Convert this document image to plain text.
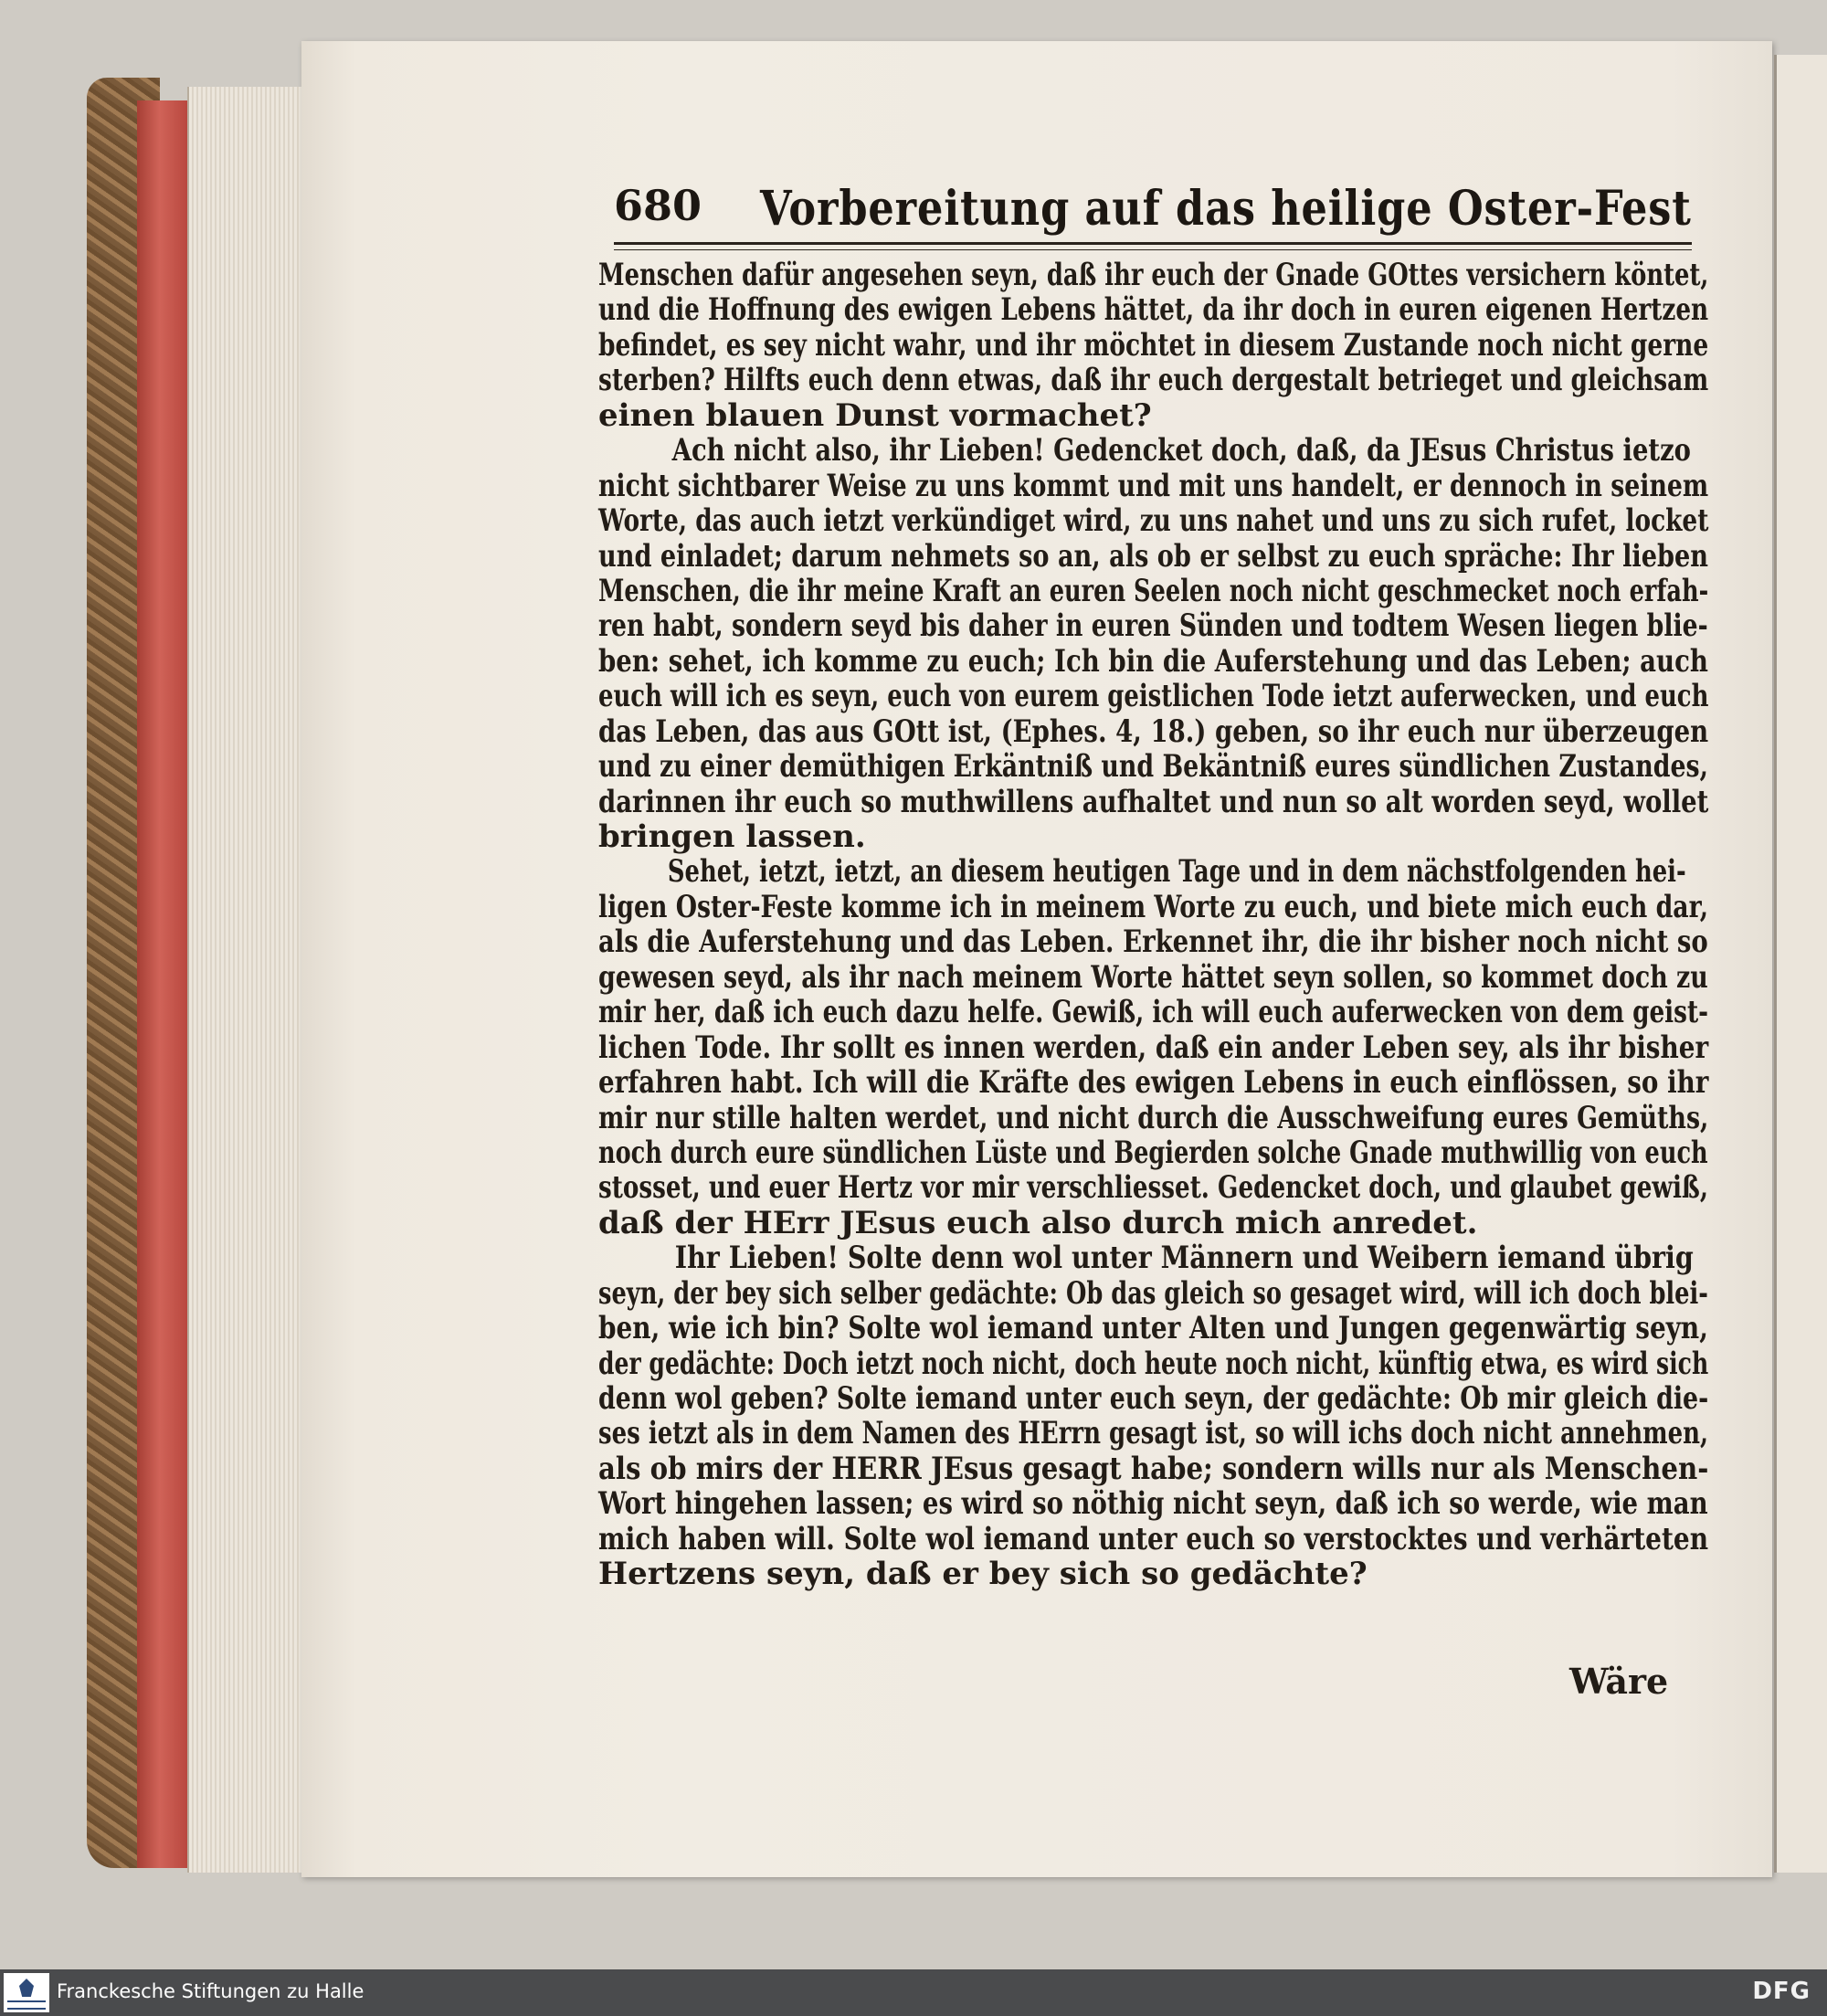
680 Vorbereitung auf das heilige Oster-Fest
Menschen dafür angesehen seyn, daß ihr euch der Gnade GOttes versichern köntet,
und die Hoffnung des ewigen Lebens hättet, da ihr doch in euren eigenen Hertzen
befindet, es sey nicht wahr, und ihr möchtet in diesem Zustande noch nicht gerne
sterben? Hilfts euch denn etwas, daß ihr euch dergestalt betrieget und gleichsam
einen blauen Dunst vormachet?
Ach nicht also, ihr Lieben! Gedencket doch, daß, da JEsus Christus ietzo
nicht sichtbarer Weise zu uns kommt und mit uns handelt, er dennoch in seinem
Worte, das auch ietzt verkündiget wird, zu uns nahet und uns zu sich rufet, locket
und einladet; darum nehmets so an, als ob er selbst zu euch spräche: Ihr lieben
Menschen, die ihr meine Kraft an euren Seelen noch nicht geschmecket noch erfah-
ren habt, sondern seyd bis daher in euren Sünden und todtem Wesen liegen blie-
ben: sehet, ich komme zu euch; Ich bin die Auferstehung und das Leben; auch
euch will ich es seyn, euch von eurem geistlichen Tode ietzt auferwecken, und euch
das Leben, das aus GOtt ist, (Ephes. 4, 18.) geben, so ihr euch nur überzeugen
und zu einer demüthigen Erkäntniß und Bekäntniß eures sündlichen Zustandes,
darinnen ihr euch so muthwillens aufhaltet und nun so alt worden seyd, wollet
bringen lassen.
Sehet, ietzt, ietzt, an diesem heutigen Tage und in dem nächstfolgenden hei-
ligen Oster-Feste komme ich in meinem Worte zu euch, und biete mich euch dar,
als die Auferstehung und das Leben. Erkennet ihr, die ihr bisher noch nicht so
gewesen seyd, als ihr nach meinem Worte hättet seyn sollen, so kommet doch zu
mir her, daß ich euch dazu helfe. Gewiß, ich will euch auferwecken von dem geist-
lichen Tode. Ihr sollt es innen werden, daß ein ander Leben sey, als ihr bisher
erfahren habt. Ich will die Kräfte des ewigen Lebens in euch einflössen, so ihr
mir nur stille halten werdet, und nicht durch die Ausschweifung eures Gemüths,
noch durch eure sündlichen Lüste und Begierden solche Gnade muthwillig von euch
stosset, und euer Hertz vor mir verschliesset. Gedencket doch, und glaubet gewiß,
daß der HErr JEsus euch also durch mich anredet.
Ihr Lieben! Solte denn wol unter Männern und Weibern iemand übrig
seyn, der bey sich selber gedächte: Ob das gleich so gesaget wird, will ich doch blei-
ben, wie ich bin? Solte wol iemand unter Alten und Jungen gegenwärtig seyn,
der gedächte: Doch ietzt noch nicht, doch heute noch nicht, künftig etwa, es wird sich
denn wol geben? Solte iemand unter euch seyn, der gedächte: Ob mir gleich die-
ses ietzt als in dem Namen des HErrn gesagt ist, so will ichs doch nicht annehmen,
als ob mirs der HERR JEsus gesagt habe; sondern wills nur als Menschen-
Wort hingehen lassen; es wird so nöthig nicht seyn, daß ich so werde, wie man
mich haben will. Solte wol iemand unter euch so verstocktes und verhärteten
Hertzens seyn, daß er bey sich so gedächte?
Wäre
Franckesche Stiftungen zu Halle	DFG
